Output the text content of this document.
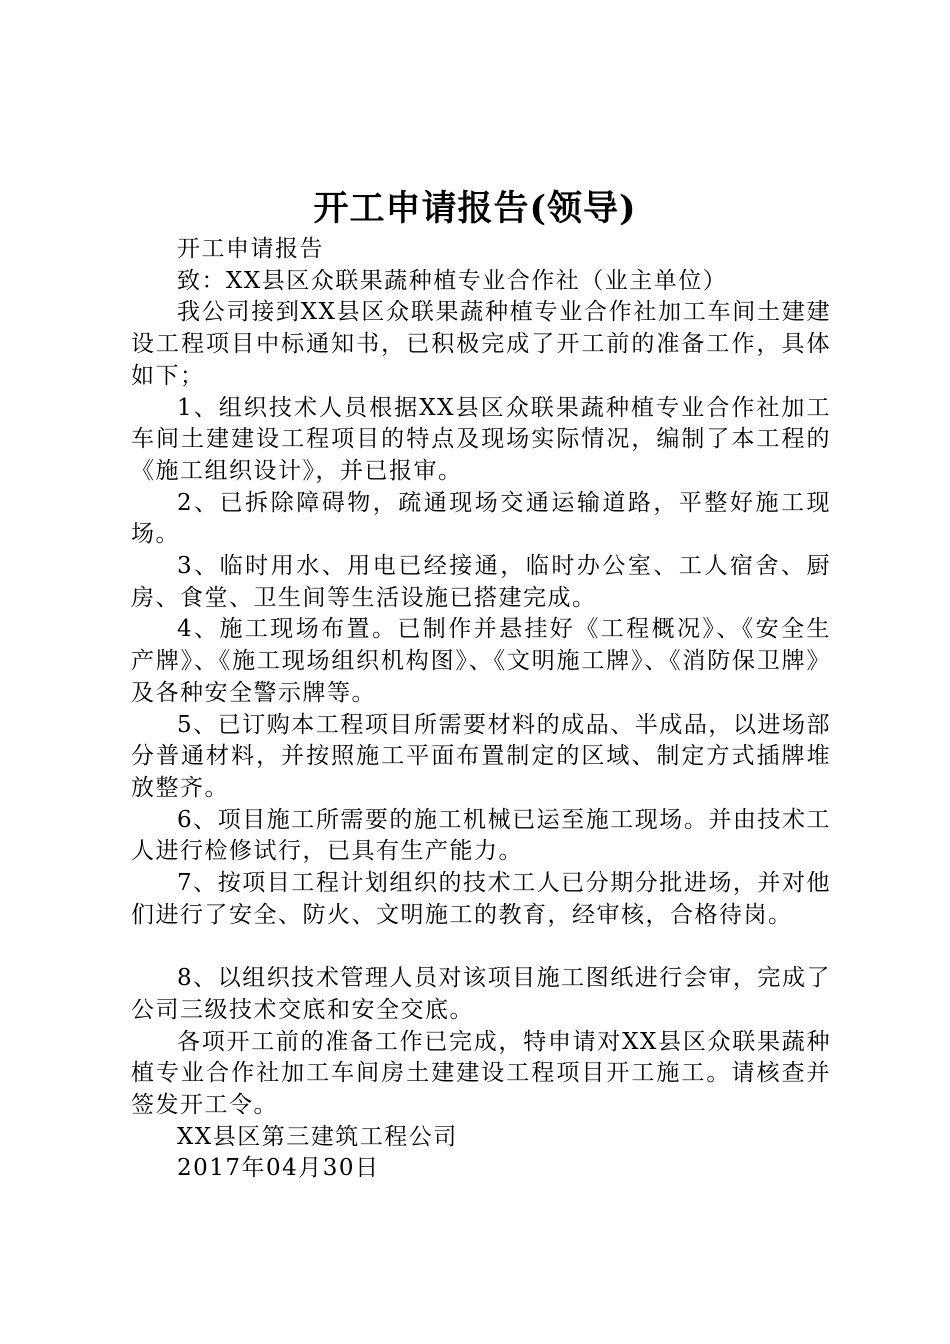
开工申请报告(领导)

开工申请报告

致：XX县区众联果蔬种植专业合作社（业主单位）

我公司接到XX县区众联果蔬种植专业合作社加工车间土建建设工程项目中标通知书，已积极完成了开工前的准备工作，具体如下；

1、组织技术人员根据XX县区众联果蔬种植专业合作社加工车间土建建设工程项目的特点及现场实际情况，编制了本工程的《施工组织设计》，并已报审。

2、已拆除障碍物，疏通现场交通运输道路，平整好施工现场。

3、临时用水、用电已经接通，临时办公室、工人宿舍、厨房、食堂、卫生间等生活设施已搭建完成。

4、施工现场布置。已制作并悬挂好《工程概况》、《安全生产牌》、《施工现场组织机构图》、《文明施工牌》、《消防保卫牌》及各种安全警示牌等。

5、已订购本工程项目所需要材料的成品、半成品，以进场部分普通材料，并按照施工平面布置制定的区域、制定方式插牌堆放整齐。

6、项目施工所需要的施工机械已运至施工现场。并由技术工人进行检修试行，已具有生产能力。

7、按项目工程计划组织的技术工人已分期分批进场，并对他们进行了安全、防火、文明施工的教育，经审核，合格待岗。

8、以组织技术管理人员对该项目施工图纸进行会审，完成了公司三级技术交底和安全交底。

各项开工前的准备工作已完成，特申请对XX县区众联果蔬种植专业合作社加工车间房土建建设工程项目开工施工。请核查并签发开工令。

XX县区第三建筑工程公司

2017年04月30日
